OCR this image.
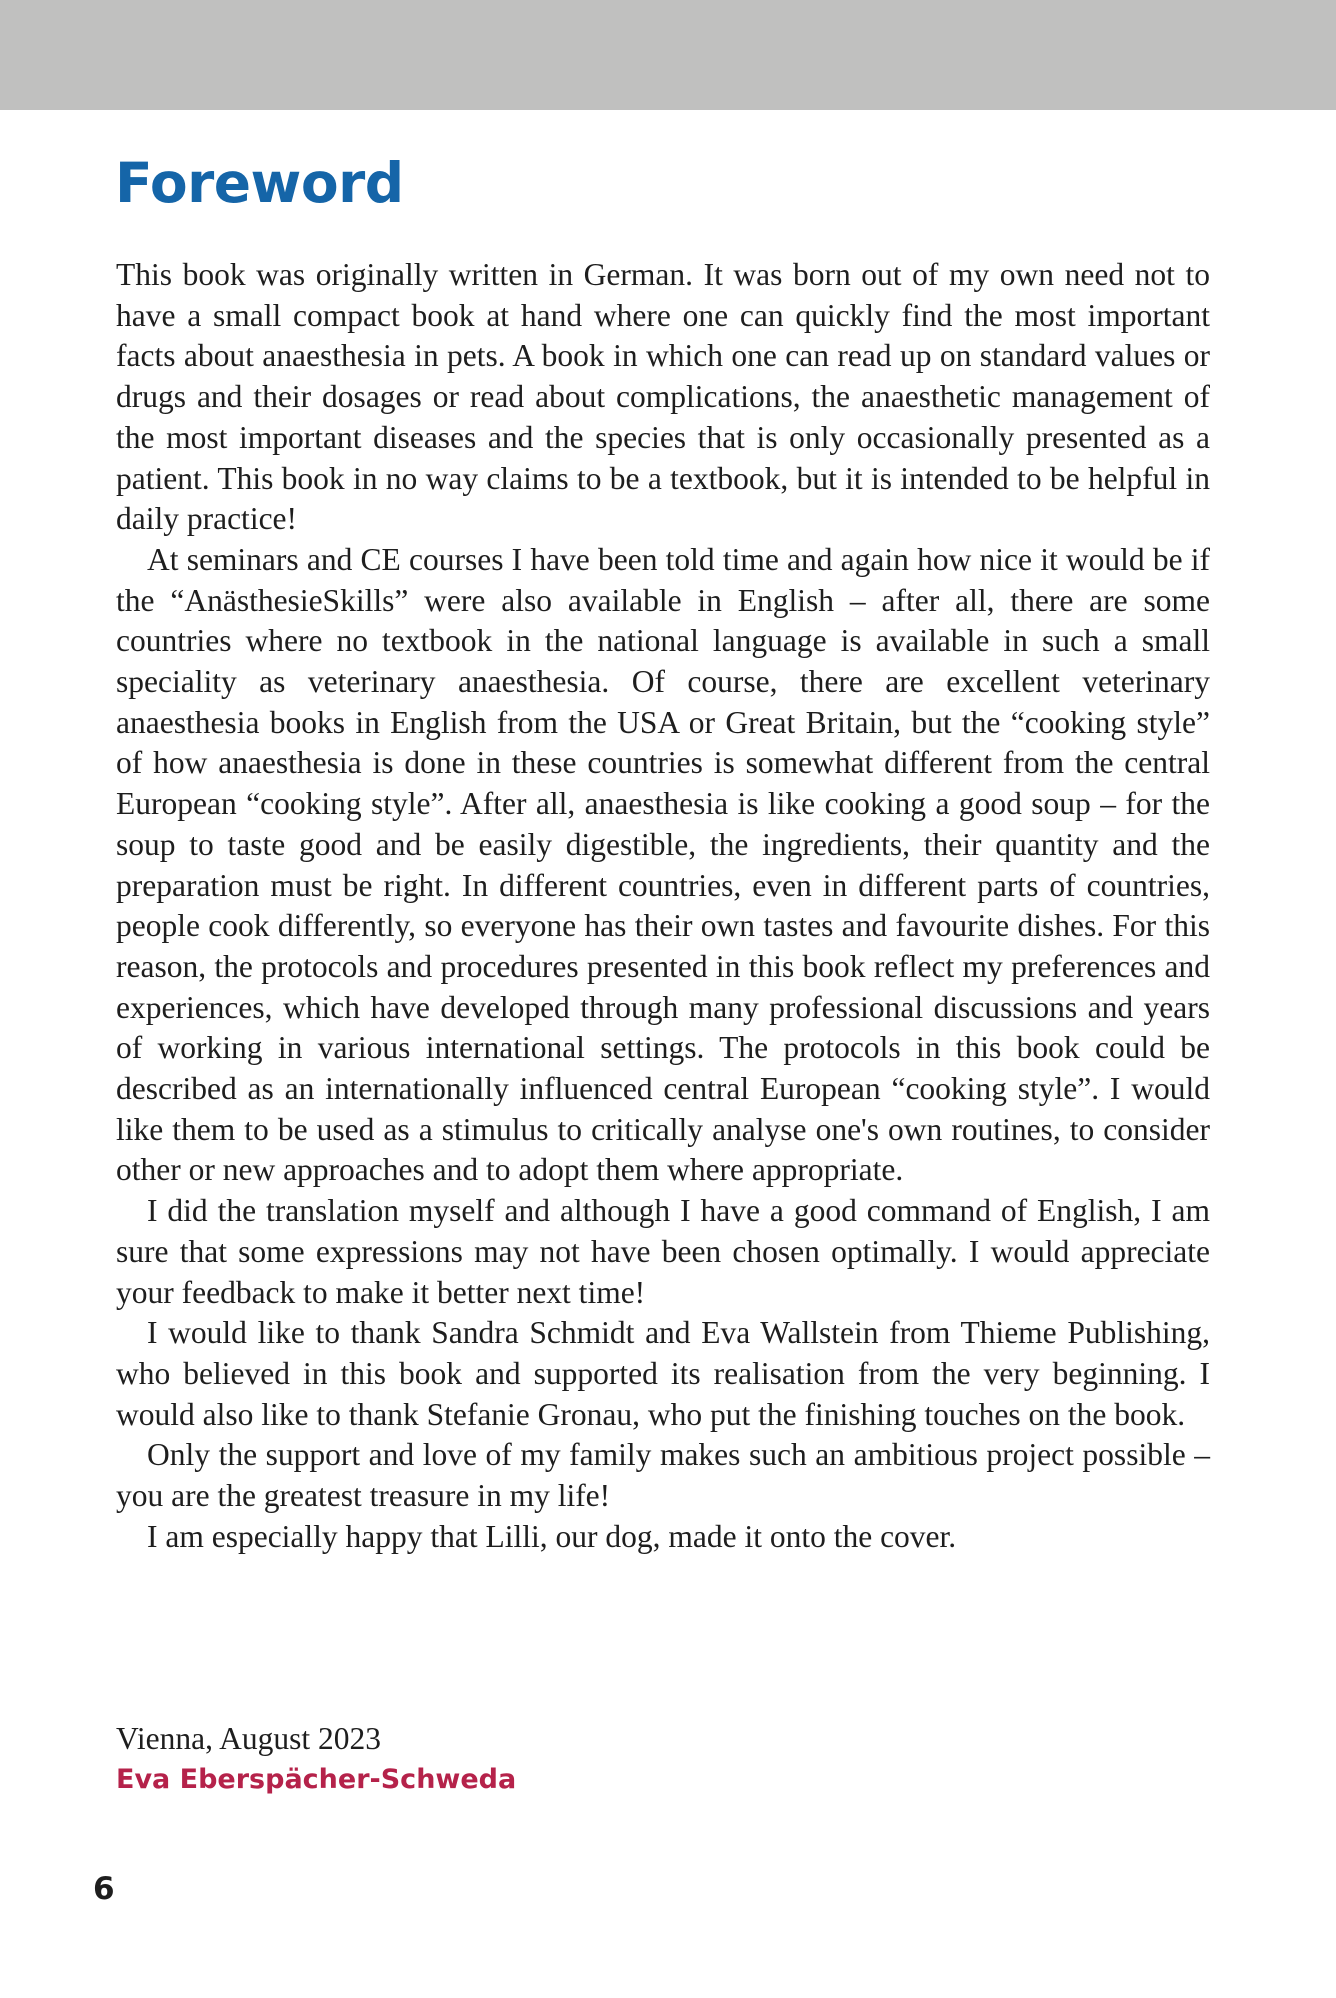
Foreword

This book was originally written in German. It was born out of my own need not to have a small compact book at hand where one can quickly find the most important facts about anaesthesia in pets. A book in which one can read up on standard values or drugs and their dosages or read about complications, the anaesthetic management of the most important diseases and the species that is only occasionally presented as a patient. This book in no way claims to be a textbook, but it is intended to be helpful in daily practice!

At seminars and CE courses I have been told time and again how nice it would be if the “AnästhesieSkills” were also available in English – after all, there are some countries where no textbook in the national language is available in such a small speciality as veterinary anaesthesia. Of course, there are excellent veterinary anaesthesia books in English from the USA or Great Britain, but the “cooking style” of how anaesthesia is done in these countries is somewhat different from the central European “cooking style”. After all, anaesthesia is like cooking a good soup – for the soup to taste good and be easily digestible, the ingredients, their quantity and the preparation must be right. In different countries, even in different parts of countries, people cook differently, so everyone has their own tastes and favourite dishes. For this reason, the protocols and procedures presented in this book reflect my preferences and experiences, which have developed through many professional discussions and years of working in various international settings. The protocols in this book could be described as an internationally influenced central European “cooking style”. I would like them to be used as a stimulus to critically analyse one's own routines, to consider other or new approaches and to adopt them where appropriate.

I did the translation myself and although I have a good command of English, I am sure that some expressions may not have been chosen optimally. I would appreciate your feedback to make it better next time!

I would like to thank Sandra Schmidt and Eva Wallstein from Thieme Publishing, who believed in this book and supported its realisation from the very beginning. I would also like to thank Stefanie Gronau, who put the finishing touches on the book.

Only the support and love of my family makes such an ambitious project possible – you are the greatest treasure in my life!

I am especially happy that Lilli, our dog, made it onto the cover.

Vienna, August 2023
Eva Eberspächer-Schweda
6
